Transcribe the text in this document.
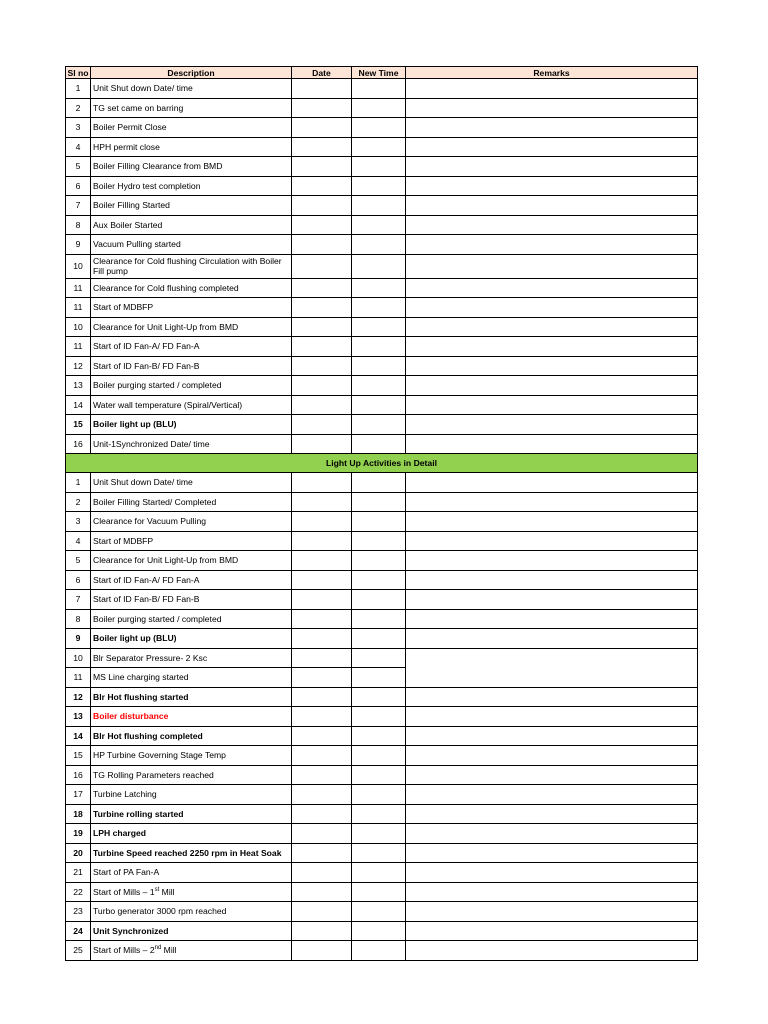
Sl no	Description	Date	New Time	Remarks
1	Unit Shut down Date/ time			
2	TG set came on barring			
3	Boiler Permit Close			
4	HPH permit close			
5	Boiler Filling Clearance from BMD			
6	Boiler Hydro test completion			
7	Boiler Filling Started			
8	Aux Boiler Started			
9	Vacuum Pulling started			
10	Clearance for Cold flushing Circulation with Boiler Fill pump			
11	Clearance for Cold flushing completed			
11	Start of MDBFP			
10	Clearance for Unit Light-Up from BMD			
11	Start of ID Fan-A/ FD Fan-A			
12	Start of ID Fan-B/ FD Fan-B			
13	Boiler purging started / completed			
14	Water wall temperature (Spiral/Vertical)			
15	Boiler light up (BLU)			
16	Unit-1Synchronized Date/ time			
Light Up Activities in Detail				
1	Unit Shut down Date/ time			
2	Boiler Filling Started/ Completed			
3	Clearance for Vacuum Pulling			
4	Start of MDBFP			
5	Clearance for Unit Light-Up from BMD			
6	Start of ID Fan-A/ FD Fan-A			
7	Start of ID Fan-B/ FD Fan-B			
8	Boiler purging started / completed			
9	Boiler light up (BLU)			
10	Blr Separator Pressure- 2 Ksc			
11	MS Line charging started			
12	Blr Hot flushing started			
13	Boiler disturbance			
14	Blr Hot flushing completed			
15	HP Turbine Governing Stage Temp			
16	TG Rolling Parameters reached			
17	Turbine Latching			
18	Turbine rolling started			
19	LPH charged			
20	Turbine Speed reached 2250 rpm in Heat Soak			
21	Start of PA Fan-A			
22	Start of Mills – 1st Mill			
23	Turbo generator 3000 rpm reached			
24	Unit Synchronized			
25	Start of Mills – 2nd Mill			
